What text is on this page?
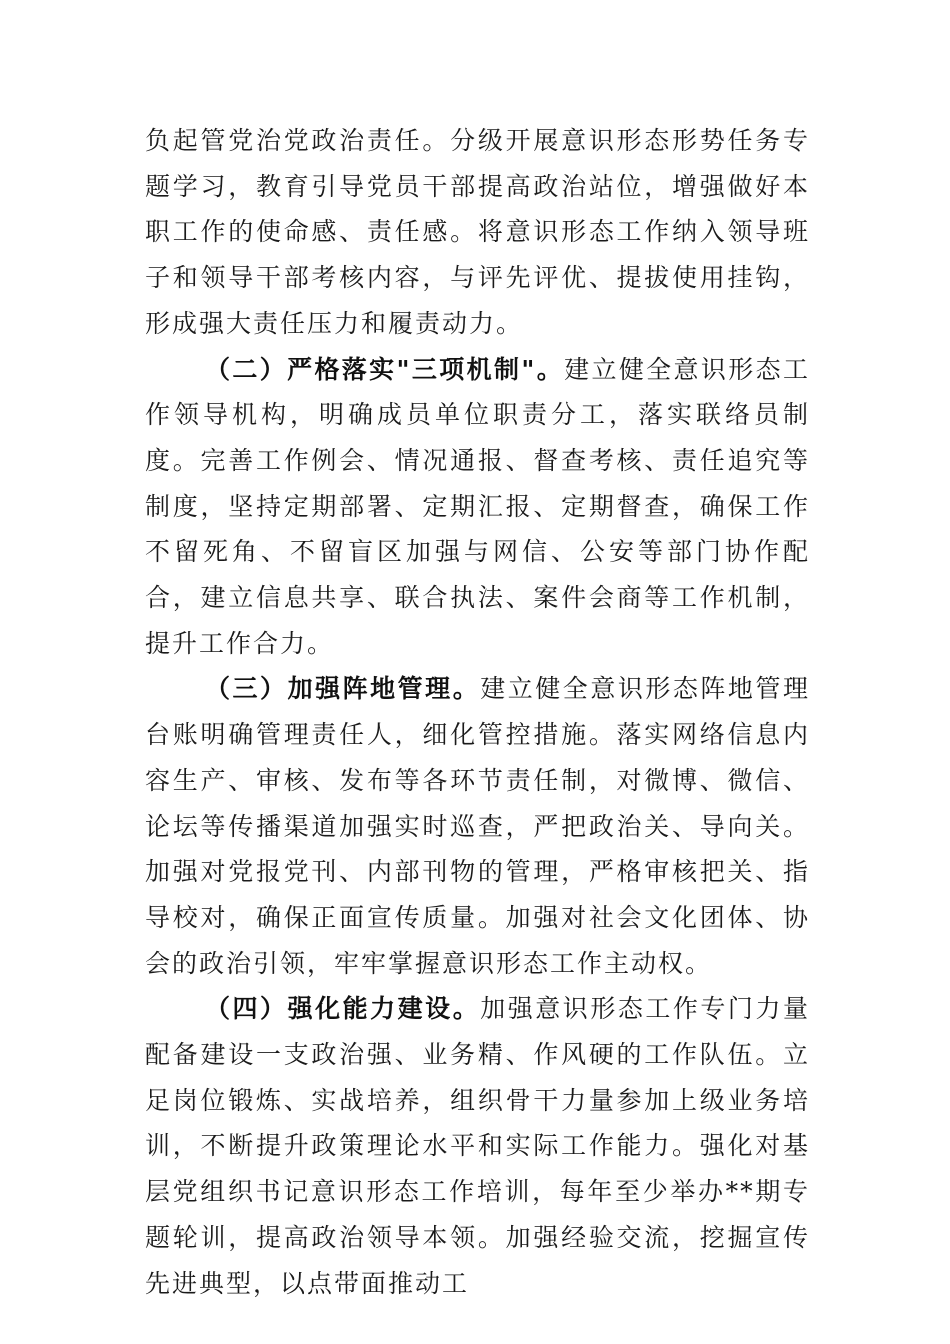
负起管党治党政治责任。分级开展意识形态形势任务专题学习，教育引导党员干部提高政治站位，增强做好本职工作的使命感、责任感。将意识形态工作纳入领导班子和领导干部考核内容，与评先评优、提拔使用挂钩，形成强大责任压力和履责动力。

（二）严格落实"三项机制"。建立健全意识形态工作领导机构，明确成员单位职责分工，落实联络员制度。完善工作例会、情况通报、督查考核、责任追究等制度，坚持定期部署、定期汇报、定期督查，确保工作不留死角、不留盲区加强与网信、公安等部门协作配合，建立信息共享、联合执法、案件会商等工作机制，提升工作合力。

（三）加强阵地管理。建立健全意识形态阵地管理台账明确管理责任人，细化管控措施。落实网络信息内容生产、审核、发布等各环节责任制，对微博、微信、论坛等传播渠道加强实时巡查，严把政治关、导向关。加强对党报党刊、内部刊物的管理，严格审核把关、指导校对，确保正面宣传质量。加强对社会文化团体、协会的政治引领，牢牢掌握意识形态工作主动权。

（四）强化能力建设。加强意识形态工作专门力量配备建设一支政治强、业务精、作风硬的工作队伍。立足岗位锻炼、实战培养，组织骨干力量参加上级业务培训，不断提升政策理论水平和实际工作能力。强化对基层党组织书记意识形态工作培训，每年至少举办**期专题轮训，提高政治领导本领。加强经验交流，挖掘宣传先进典型，以点带面推动工
